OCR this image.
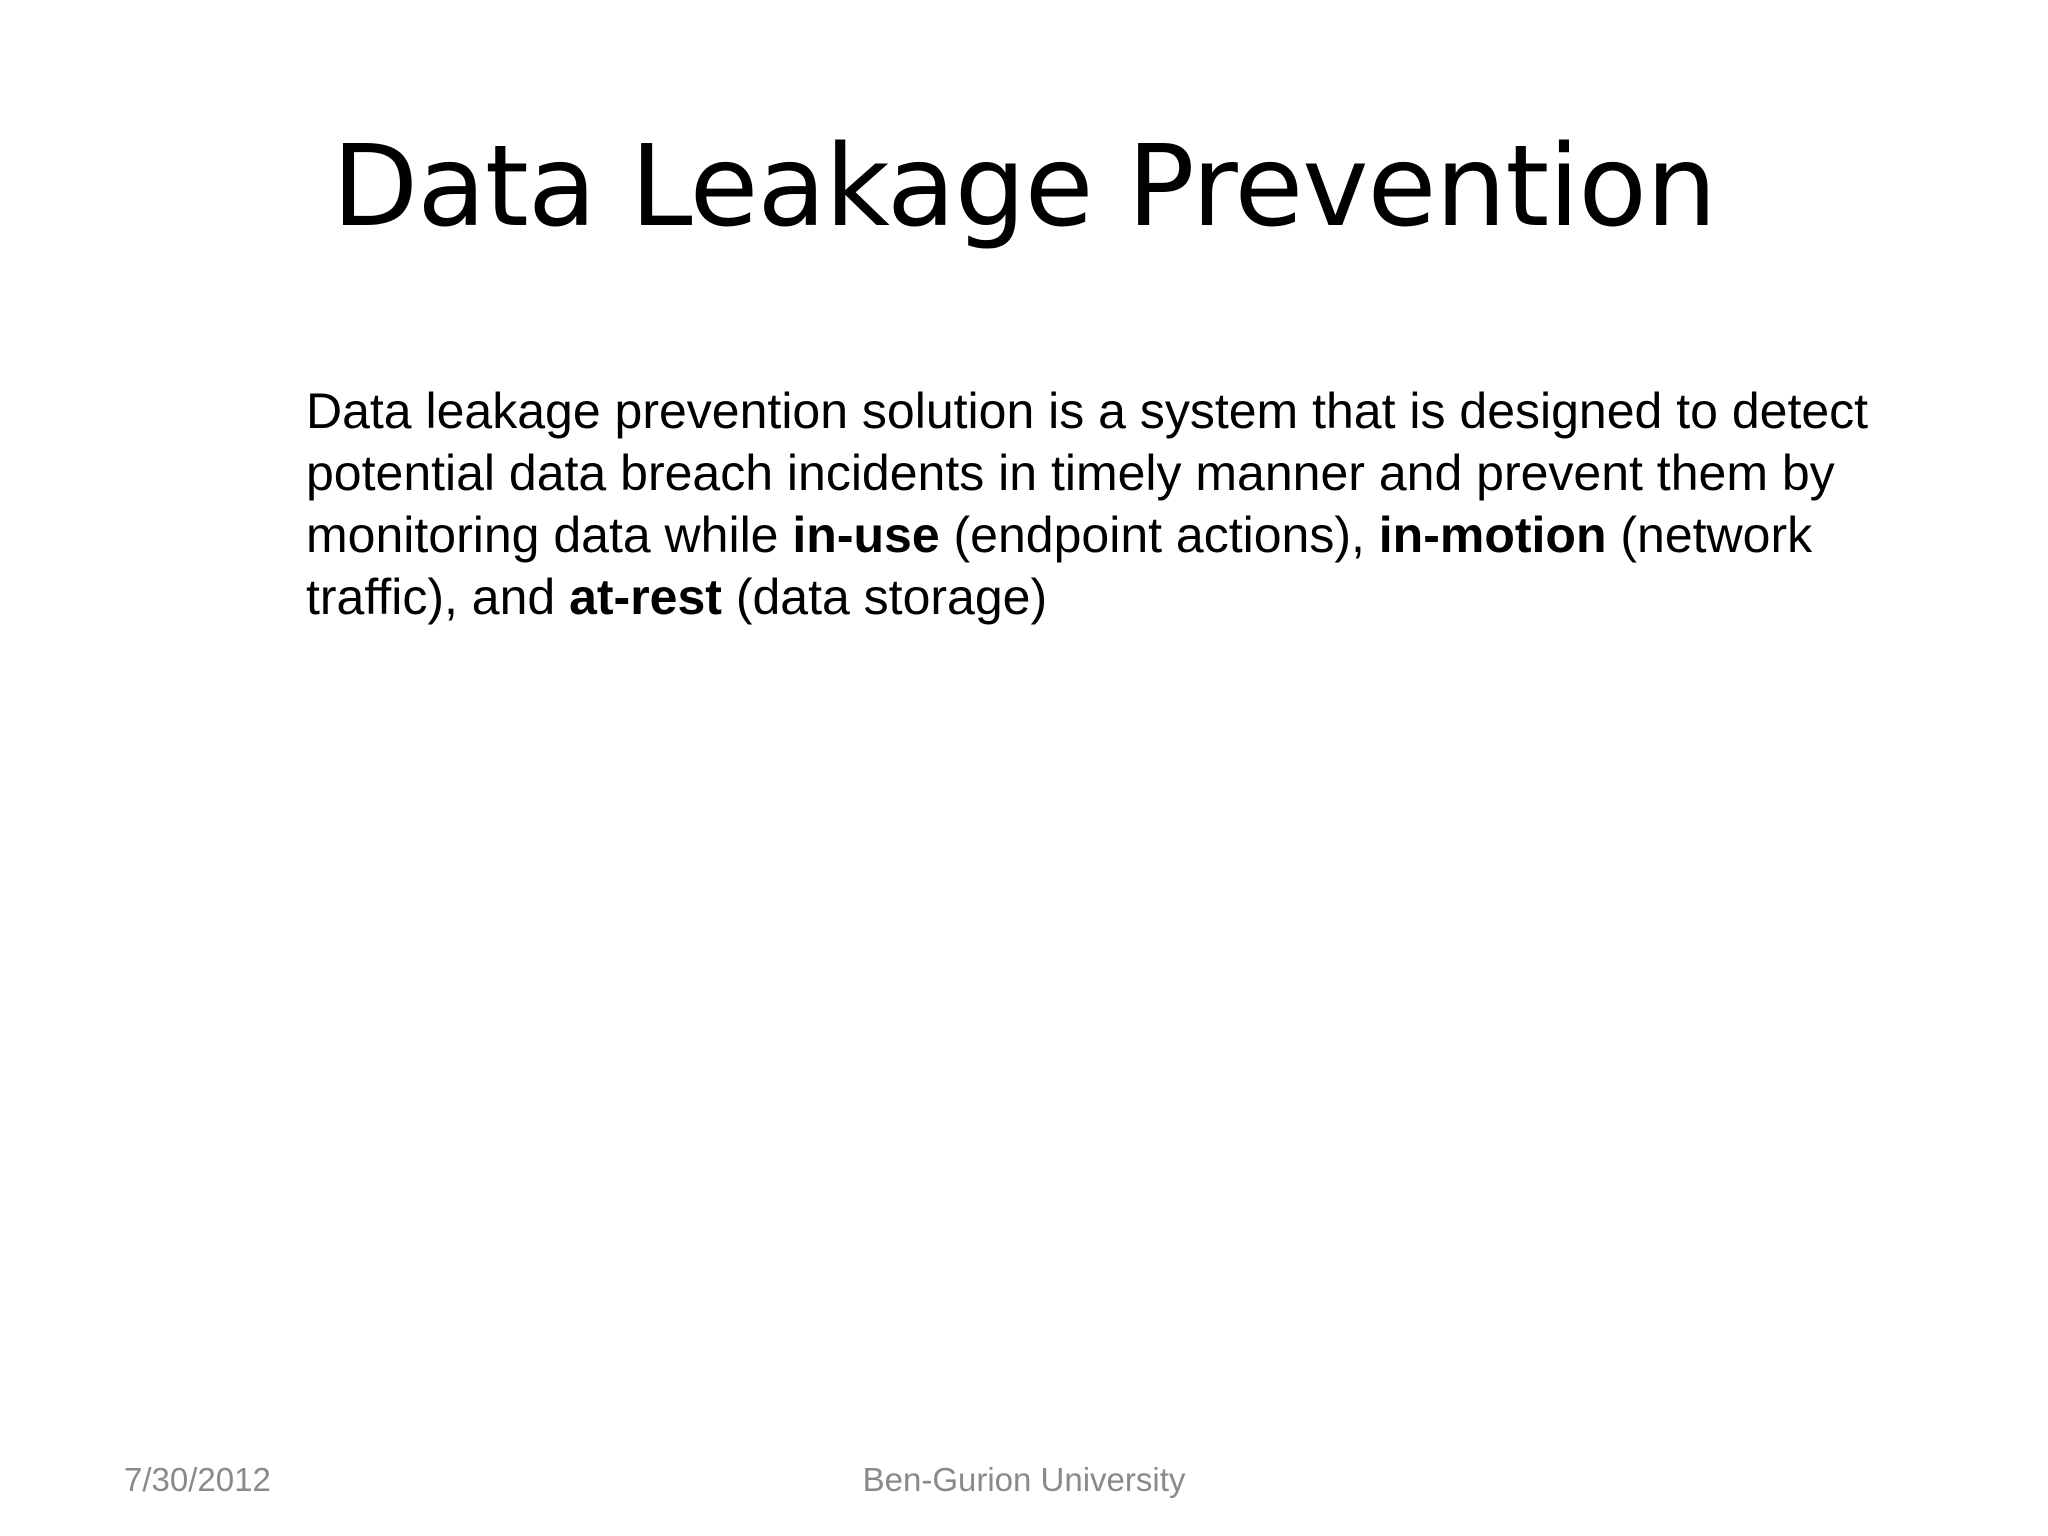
Data Leakage Prevention

Data leakage prevention solution is a system that is designed to detect potential data breach incidents in timely manner and prevent them by monitoring data while in-use (endpoint actions), in-motion (network traffic), and at-rest (data storage)

7/30/2012	Ben-Gurion University
